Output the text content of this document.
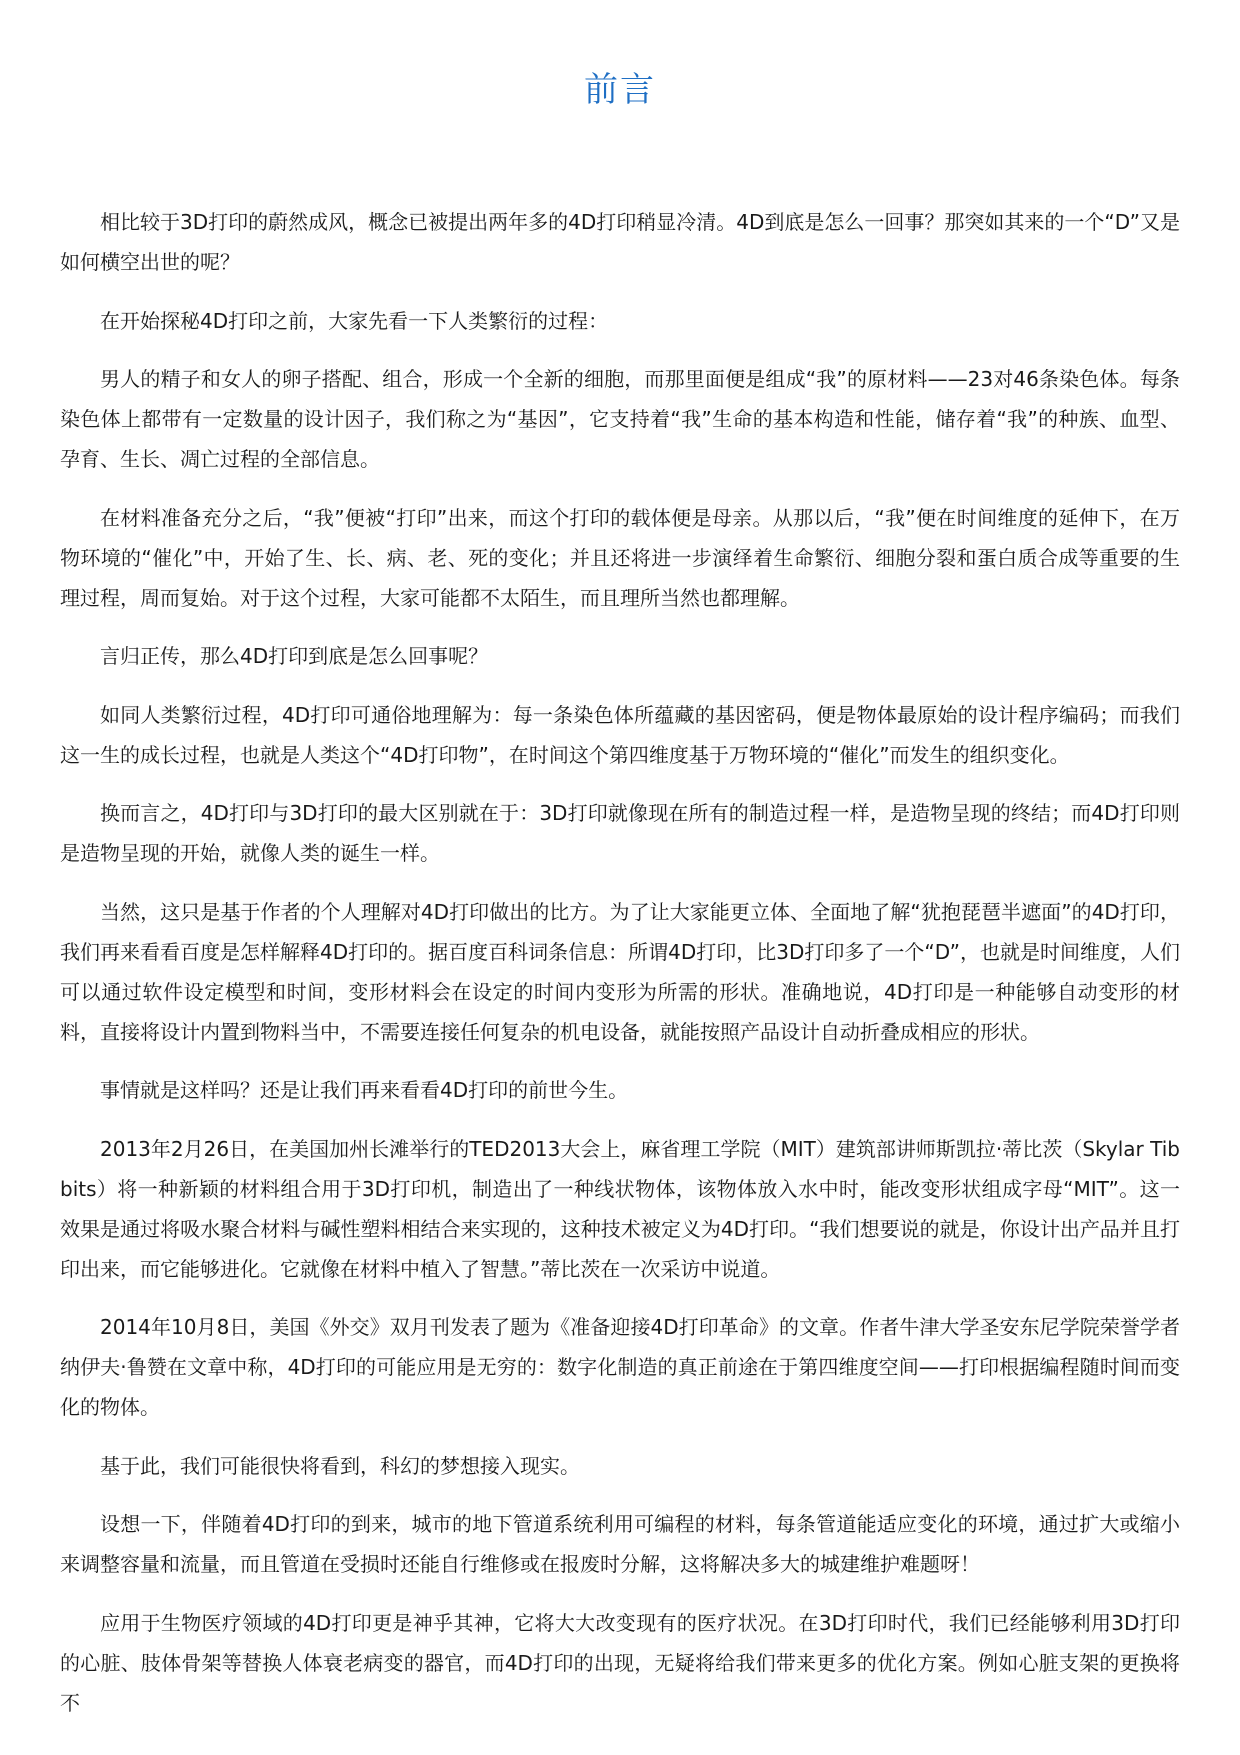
前言

相比较于3D打印的蔚然成风，概念已被提出两年多的4D打印稍显冷清。4D到底是怎么一回事？那突如其来的一个“D”又是如何横空出世的呢？

在开始探秘4D打印之前，大家先看一下人类繁衍的过程：

男人的精子和女人的卵子搭配、组合，形成一个全新的细胞，而那里面便是组成“我”的原材料——23对46条染色体。每条染色体上都带有一定数量的设计因子，我们称之为“基因”，它支持着“我”生命的基本构造和性能，储存着“我”的种族、血型、孕育、生长、凋亡过程的全部信息。

在材料准备充分之后，“我”便被“打印”出来，而这个打印的载体便是母亲。从那以后，“我”便在时间维度的延伸下，在万物环境的“催化”中，开始了生、长、病、老、死的变化；并且还将进一步演绎着生命繁衍、细胞分裂和蛋白质合成等重要的生理过程，周而复始。对于这个过程，大家可能都不太陌生，而且理所当然也都理解。

言归正传，那么4D打印到底是怎么回事呢？

如同人类繁衍过程，4D打印可通俗地理解为：每一条染色体所蕴藏的基因密码，便是物体最原始的设计程序编码；而我们这一生的成长过程，也就是人类这个“4D打印物”，在时间这个第四维度基于万物环境的“催化”而发生的组织变化。

换而言之，4D打印与3D打印的最大区别就在于：3D打印就像现在所有的制造过程一样，是造物呈现的终结；而4D打印则是造物呈现的开始，就像人类的诞生一样。

当然，这只是基于作者的个人理解对4D打印做出的比方。为了让大家能更立体、全面地了解“犹抱琵琶半遮面”的4D打印，我们再来看看百度是怎样解释4D打印的。据百度百科词条信息：所谓4D打印，比3D打印多了一个“D”，也就是时间维度，人们可以通过软件设定模型和时间，变形材料会在设定的时间内变形为所需的形状。准确地说，4D打印是一种能够自动变形的材料，直接将设计内置到物料当中，不需要连接任何复杂的机电设备，就能按照产品设计自动折叠成相应的形状。

事情就是这样吗？还是让我们再来看看4D打印的前世今生。

2013年2月26日，在美国加州长滩举行的TED2013大会上，麻省理工学院（MIT）建筑部讲师斯凯拉·蒂比茨（Skylar Tibbits）将一种新颖的材料组合用于3D打印机，制造出了一种线状物体，该物体放入水中时，能改变形状组成字母“MIT”。这一效果是通过将吸水聚合材料与碱性塑料相结合来实现的，这种技术被定义为4D打印。“我们想要说的就是，你设计出产品并且打印出来，而它能够进化。它就像在材料中植入了智慧。”蒂比茨在一次采访中说道。

2014年10月8日，美国《外交》双月刊发表了题为《准备迎接4D打印革命》的文章。作者牛津大学圣安东尼学院荣誉学者纳伊夫·鲁赞在文章中称，4D打印的可能应用是无穷的：数字化制造的真正前途在于第四维度空间——打印根据编程随时间而变化的物体。

基于此，我们可能很快将看到，科幻的梦想接入现实。

设想一下，伴随着4D打印的到来，城市的地下管道系统利用可编程的材料，每条管道能适应变化的环境，通过扩大或缩小来调整容量和流量，而且管道在受损时还能自行维修或在报废时分解，这将解决多大的城建维护难题呀！

应用于生物医疗领域的4D打印更是神乎其神，它将大大改变现有的医疗状况。在3D打印时代，我们已经能够利用3D打印的心脏、肢体骨架等替换人体衰老病变的器官，而4D打印的出现，无疑将给我们带来更多的优化方案。例如心脏支架的更换将不
